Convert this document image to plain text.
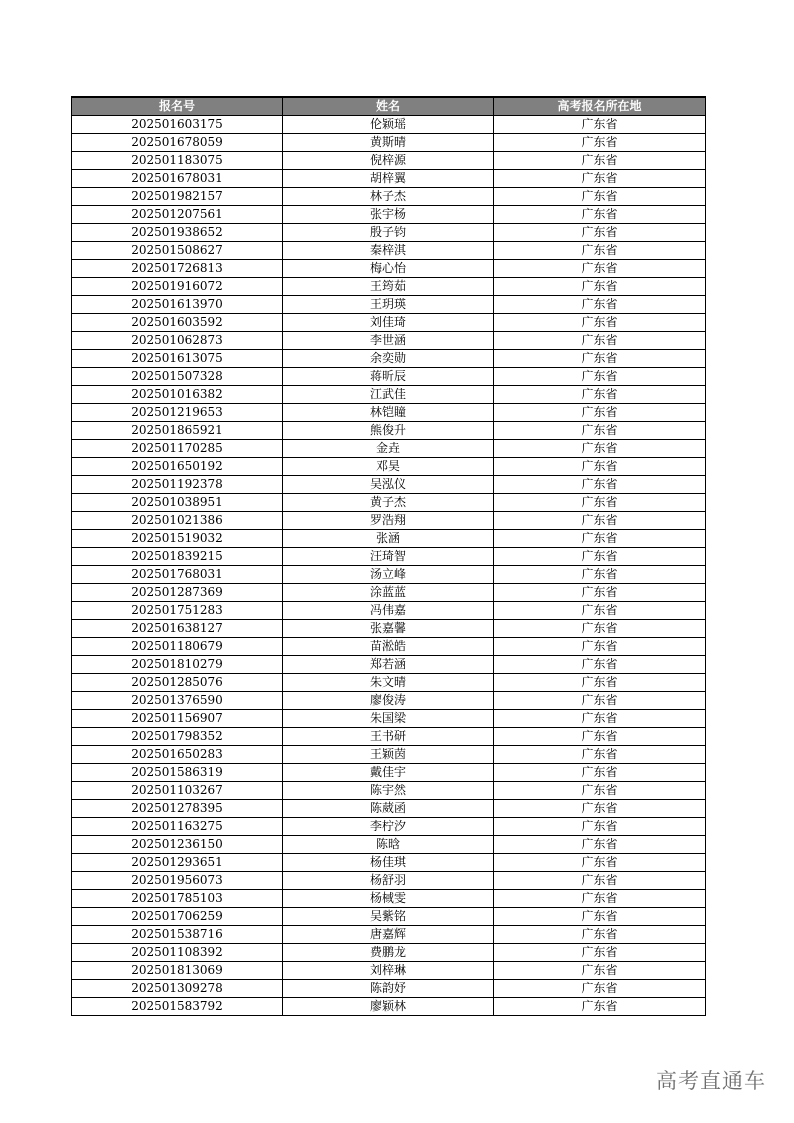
报名号	姓名	高考报名所在地
202501603175	伦颖瑶	广东省
202501678059	黄斯晴	广东省
202501183075	倪梓源	广东省
202501678031	胡梓翼	广东省
202501982157	林子杰	广东省
202501207561	张宇杨	广东省
202501938652	殷子钧	广东省
202501508627	秦梓淇	广东省
202501726813	梅心怡	广东省
202501916072	王筠茹	广东省
202501613970	王玥瑛	广东省
202501603592	刘佳琦	广东省
202501062873	李世涵	广东省
202501613075	余奕勋	广东省
202501507328	蒋昕辰	广东省
202501016382	江武佳	广东省
202501219653	林铠瞳	广东省
202501865921	熊俊升	广东省
202501170285	金垚	广东省
202501650192	邓昊	广东省
202501192378	吴泓仪	广东省
202501038951	黄子杰	广东省
202501021386	罗浩翔	广东省
202501519032	张涵	广东省
202501839215	汪琦智	广东省
202501768031	汤立峰	广东省
202501287369	涂蓝蓝	广东省
202501751283	冯伟嘉	广东省
202501638127	张嘉馨	广东省
202501180679	苗淞皓	广东省
202501810279	郑若涵	广东省
202501285076	朱文晴	广东省
202501376590	廖俊涛	广东省
202501156907	朱国梁	广东省
202501798352	王书研	广东省
202501650283	王颖茵	广东省
202501586319	戴佳宇	广东省
202501103267	陈宇然	广东省
202501278395	陈葳函	广东省
202501163275	李柠汐	广东省
202501236150	陈晗	广东省
202501293651	杨佳琪	广东省
202501956073	杨舒羽	广东省
202501785103	杨棫雯	广东省
202501706259	吴紫铭	广东省
202501538716	唐嘉辉	广东省
202501108392	费鹏龙	广东省
202501813069	刘梓琳	广东省
202501309278	陈韵妤	广东省
202501583792	廖颖林	广东省
高考直通车
